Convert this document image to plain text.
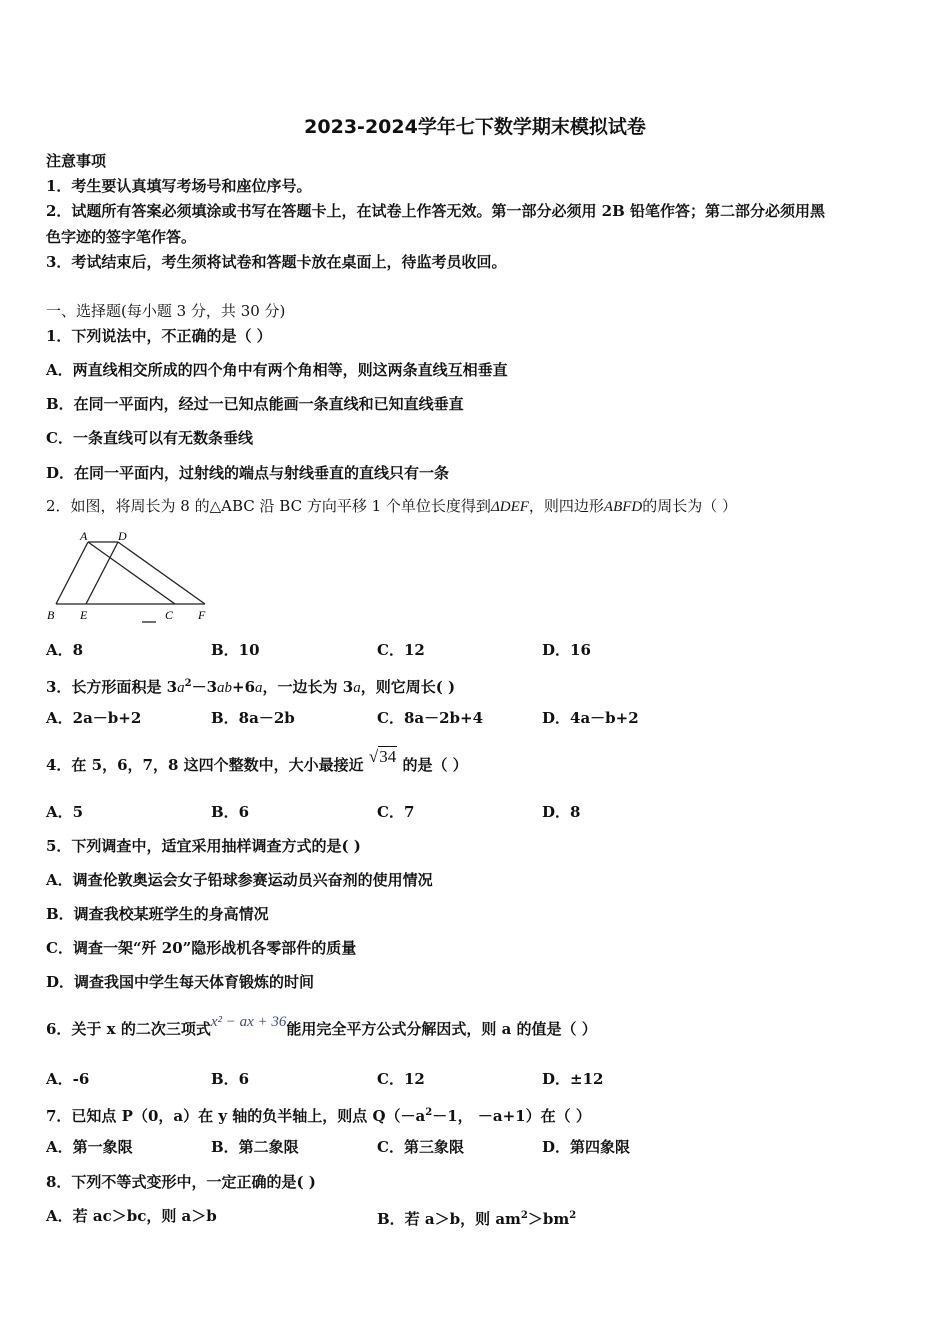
2023-2024学年七下数学期末模拟试卷
注意事项
1．考生要认真填写考场号和座位序号。
2．试题所有答案必须填涂或书写在答题卡上，在试卷上作答无效。第一部分必须用 2B 铅笔作答；第二部分必须用黑
色字迹的签字笔作答。
3．考试结束后，考生须将试卷和答题卡放在桌面上，待监考员收回。
一、选择题(每小题 3 分，共 30 分)
1．下列说法中，不正确的是（ ）
A．两直线相交所成的四个角中有两个角相等，则这两条直线互相垂直
B．在同一平面内，经过一已知点能画一条直线和已知直线垂直
C．一条直线可以有无数条垂线
D．在同一平面内，过射线的端点与射线垂直的直线只有一条
2．如图，将周长为 8 的△ABC 沿 BC 方向平移 1 个单位长度得到ΔDEF，则四边形ABFD的周长为（ ）
A	D
B E	C F
A．8	B．10	C．12	D．16
3．长方形面积是 $3a^2-3ab+6a$，一边长为 3a，则它周长( )
A．2a－b+2	B．8a－2b	C．8a－2b+4	D．4a－b+2
4．在 5，6，7，8 这四个整数中，大小最接近 √34 的是（ ）
A．5	B．6	C．7	D．8
5．下列调查中，适宜采用抽样调查方式的是( )
A．调查伦敦奥运会女子铅球参赛运动员兴奋剂的使用情况
B．调查我校某班学生的身高情况
C．调查一架“歼 20”隐形战机各零部件的质量
D．调查我国中学生每天体育锻炼的时间
6．关于 x 的二次三项式x² − ax + 36能用完全平方公式分解因式，则 a 的值是（ ）
A．-6	B．6	C．12	D．±12
7．已知点 P（0，a）在 y 轴的负半轴上，则点 $Q(-a^2-1$， －a+1）在（ ）
A．第一象限	B．第二象限	C．第三象限	D．第四象限
8．下列不等式变形中，一定正确的是( )
A．若 ac＞bc，则 a＞b	B．若 a＞b，则 $am^2>bm^2$
